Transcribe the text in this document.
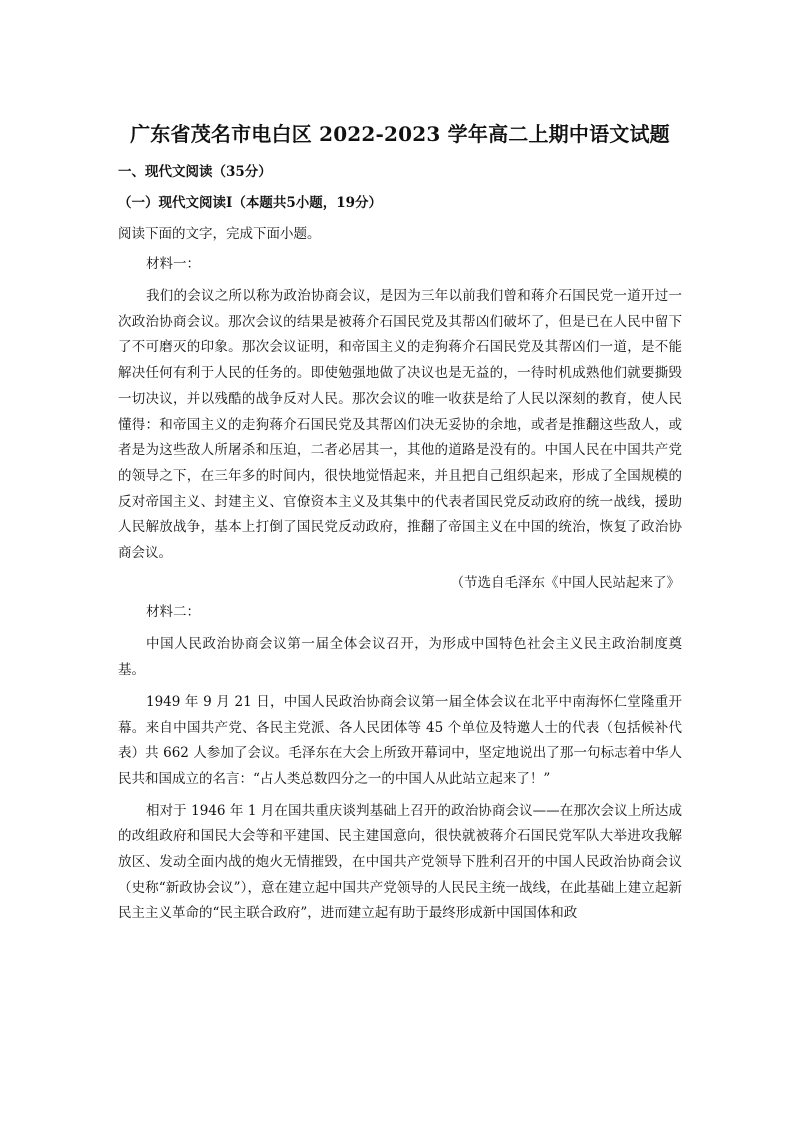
广东省茂名市电白区 2022-2023 学年高二上期中语文试题
一、现代文阅读（35分）
（一）现代文阅读Ⅰ（本题共5小题，19分）
阅读下面的文字，完成下面小题。
材料一：

我们的会议之所以称为政治协商会议，是因为三年以前我们曾和蒋介石国民党一道开过一次政治协商会议。那次会议的结果是被蒋介石国民党及其帮凶们破坏了，但是已在人民中留下了不可磨灭的印象。那次会议证明，和帝国主义的走狗蒋介石国民党及其帮凶们一道，是不能解决任何有利于人民的任务的。即使勉强地做了决议也是无益的，一待时机成熟他们就要撕毁一切决议，并以残酷的战争反对人民。那次会议的唯一收获是给了人民以深刻的教育，使人民懂得：和帝国主义的走狗蒋介石国民党及其帮凶们决无妥协的余地，或者是推翻这些敌人，或者是为这些敌人所屠杀和压迫，二者必居其一，其他的道路是没有的。中国人民在中国共产党的领导之下，在三年多的时间内，很快地觉悟起来，并且把自己组织起来，形成了全国规模的反对帝国主义、封建主义、官僚资本主义及其集中的代表者国民党反动政府的统一战线，援助人民解放战争，基本上打倒了国民党反动政府，推翻了帝国主义在中国的统治，恢复了政治协商会议。

（节选自毛泽东《中国人民站起来了》
材料二：

中国人民政治协商会议第一届全体会议召开，为形成中国特色社会主义民主政治制度奠基。

1949 年 9 月 21 日，中国人民政治协商会议第一届全体会议在北平中南海怀仁堂隆重开幕。来自中国共产党、各民主党派、各人民团体等 45 个单位及特邀人士的代表（包括候补代表）共 662 人参加了会议。毛泽东在大会上所致开幕词中，坚定地说出了那一句标志着中华人民共和国成立的名言：“占人类总数四分之一的中国人从此站立起来了！”

相对于 1946 年 1 月在国共重庆谈判基础上召开的政治协商会议——在那次会议上所达成的改组政府和国民大会等和平建国、民主建国意向，很快就被蒋介石国民党军队大举进攻我解放区、发动全面内战的炮火无情摧毁，在中国共产党领导下胜利召开的中国人民政治协商会议（史称“新政协会议”），意在建立起中国共产党领导的人民民主统一战线，在此基础上建立起新民主主义革命的“民主联合政府”，进而建立起有助于最终形成新中国国体和政
